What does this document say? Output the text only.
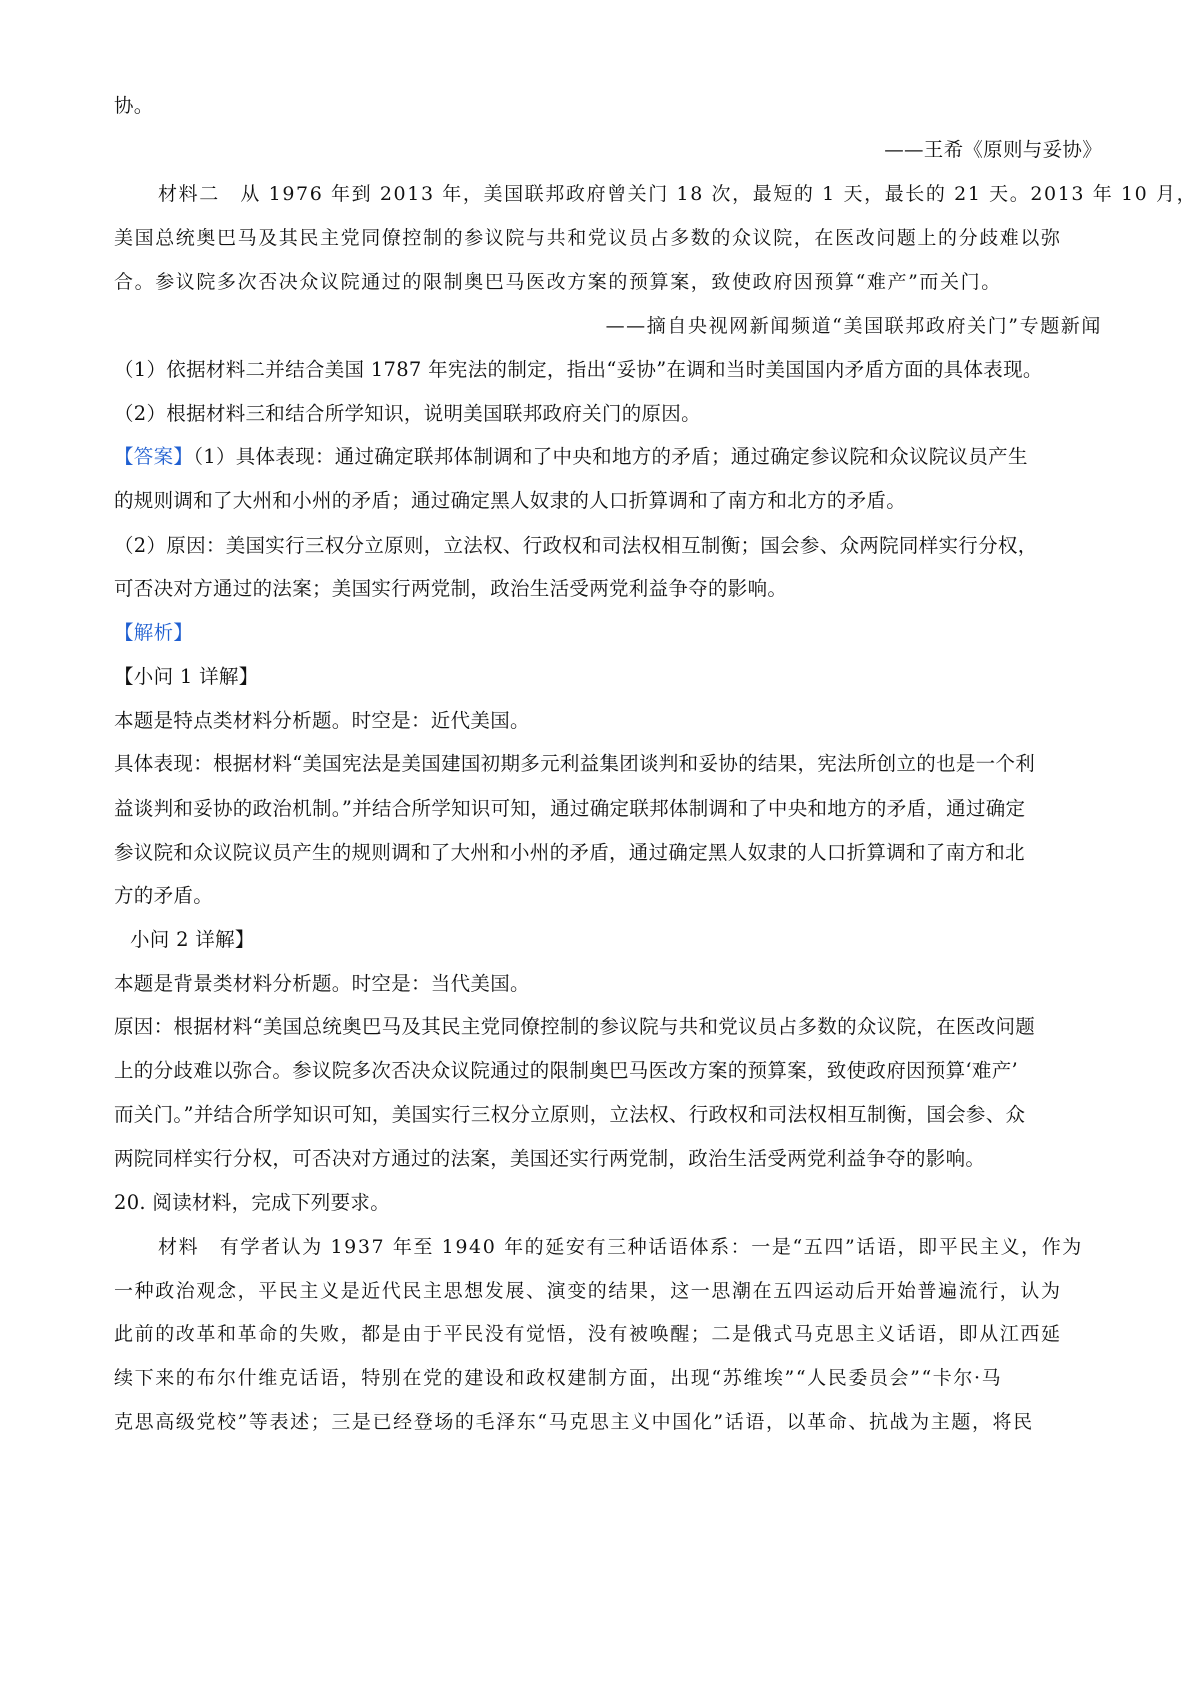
协。
——王希《原则与妥协》
材料二　从 1976 年到 2013 年，美国联邦政府曾关门 18 次，最短的 1 天，最长的 21 天。2013 年 10 月，
美国总统奥巴马及其民主党同僚控制的参议院与共和党议员占多数的众议院，在医改问题上的分歧难以弥
合。参议院多次否决众议院通过的限制奥巴马医改方案的预算案，致使政府因预算“难产”而关门。
——摘自央视网新闻频道“美国联邦政府关门”专题新闻
（1）依据材料二并结合美国 1787 年宪法的制定，指出“妥协”在调和当时美国国内矛盾方面的具体表现。
（2）根据材料三和结合所学知识，说明美国联邦政府关门的原因。
【答案】（1）具体表现：通过确定联邦体制调和了中央和地方的矛盾；通过确定参议院和众议院议员产生
的规则调和了大州和小州的矛盾；通过确定黑人奴隶的人口折算调和了南方和北方的矛盾。
（2）原因：美国实行三权分立原则，立法权、行政权和司法权相互制衡；国会参、众两院同样实行分权，
可否决对方通过的法案；美国实行两党制，政治生活受两党利益争夺的影响。
【解析】
【小问 1 详解】
本题是特点类材料分析题。时空是：近代美国。
具体表现：根据材料“美国宪法是美国建国初期多元利益集团谈判和妥协的结果，宪法所创立的也是一个利
益谈判和妥协的政治机制。”并结合所学知识可知，通过确定联邦体制调和了中央和地方的矛盾，通过确定
参议院和众议院议员产生的规则调和了大州和小州的矛盾，通过确定黑人奴隶的人口折算调和了南方和北
方的矛盾。
小问 2 详解】
本题是背景类材料分析题。时空是：当代美国。
原因：根据材料“美国总统奥巴马及其民主党同僚控制的参议院与共和党议员占多数的众议院，在医改问题
上的分歧难以弥合。参议院多次否决众议院通过的限制奥巴马医改方案的预算案，致使政府因预算‘难产’
而关门。”并结合所学知识可知，美国实行三权分立原则，立法权、行政权和司法权相互制衡，国会参、众
两院同样实行分权，可否决对方通过的法案，美国还实行两党制，政治生活受两党利益争夺的影响。
20. 阅读材料，完成下列要求。
材料　有学者认为 1937 年至 1940 年的延安有三种话语体系：一是“五四”话语，即平民主义，作为
一种政治观念，平民主义是近代民主思想发展、演变的结果，这一思潮在五四运动后开始普遍流行，认为
此前的改革和革命的失败，都是由于平民没有觉悟，没有被唤醒；二是俄式马克思主义话语，即从江西延
续下来的布尔什维克话语，特别在党的建设和政权建制方面，出现“苏维埃”“人民委员会”“卡尔·马
克思高级党校”等表述；三是已经登场的毛泽东“马克思主义中国化”话语，以革命、抗战为主题，将民
